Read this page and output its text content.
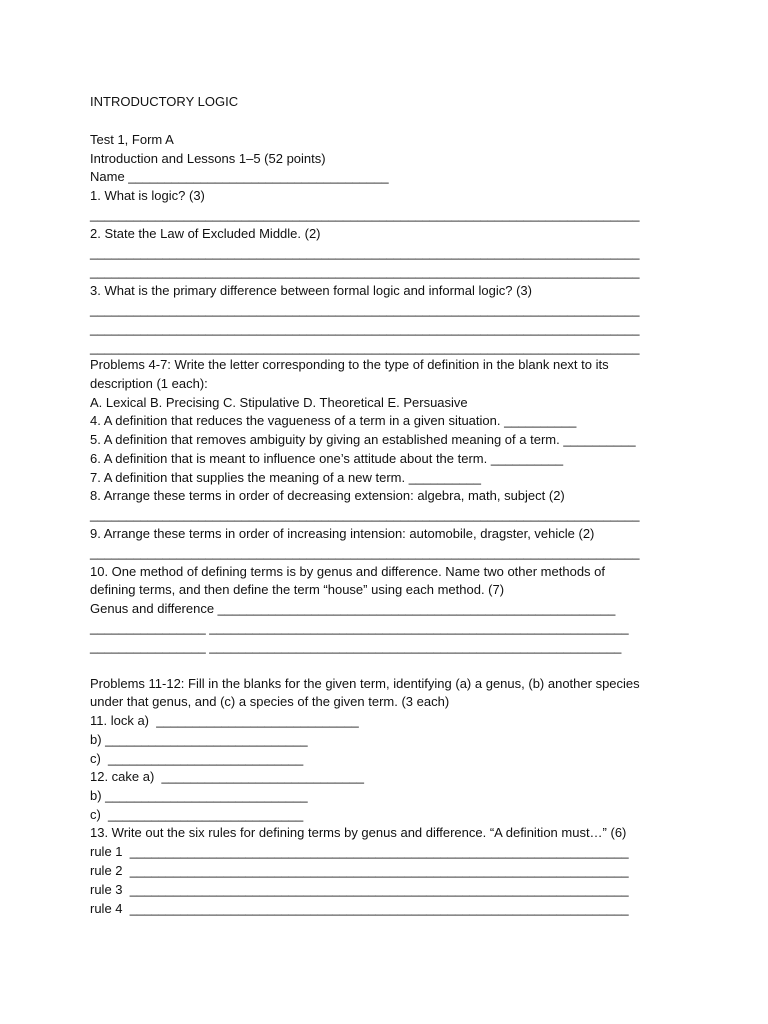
INTRODUCTORY LOGIC
Test 1, Form A
Introduction and Lessons 1–5 (52 points)
Name ____________________________________
1. What is logic? (3)
____________________________________________________________________________
2. State the Law of Excluded Middle. (2)
____________________________________________________________________________
____________________________________________________________________________
3. What is the primary difference between formal logic and informal logic? (3)
____________________________________________________________________________
____________________________________________________________________________
____________________________________________________________________________
Problems 4-7: Write the letter corresponding to the type of definition in the blank next to its
description (1 each):
A. Lexical B. Precising C. Stipulative D. Theoretical E. Persuasive
4. A definition that reduces the vagueness of a term in a given situation. __________
5. A definition that removes ambiguity by giving an established meaning of a term. __________
6. A definition that is meant to influence one’s attitude about the term. __________
7. A definition that supplies the meaning of a new term. __________
8. Arrange these terms in order of decreasing extension: algebra, math, subject (2)
____________________________________________________________________________
9. Arrange these terms in order of increasing intension: automobile, dragster, vehicle (2)
____________________________________________________________________________
10. One method of defining terms is by genus and difference. Name two other methods of
defining terms, and then define the term “house” using each method. (7)
Genus and difference _______________________________________________________
________________ __________________________________________________________
________________ _________________________________________________________
Problems 11-12: Fill in the blanks for the given term, identifying (a) a genus, (b) another species
under that genus, and (c) a species of the given term. (3 each)
11. lock a)  ____________________________
b) ____________________________
c)  ___________________________
12. cake a)  ____________________________
b) ____________________________
c)  ___________________________
13. Write out the six rules for defining terms by genus and difference. “A definition must…” (6)
rule 1  _____________________________________________________________________
rule 2  _____________________________________________________________________
rule 3  _____________________________________________________________________
rule 4  _____________________________________________________________________
